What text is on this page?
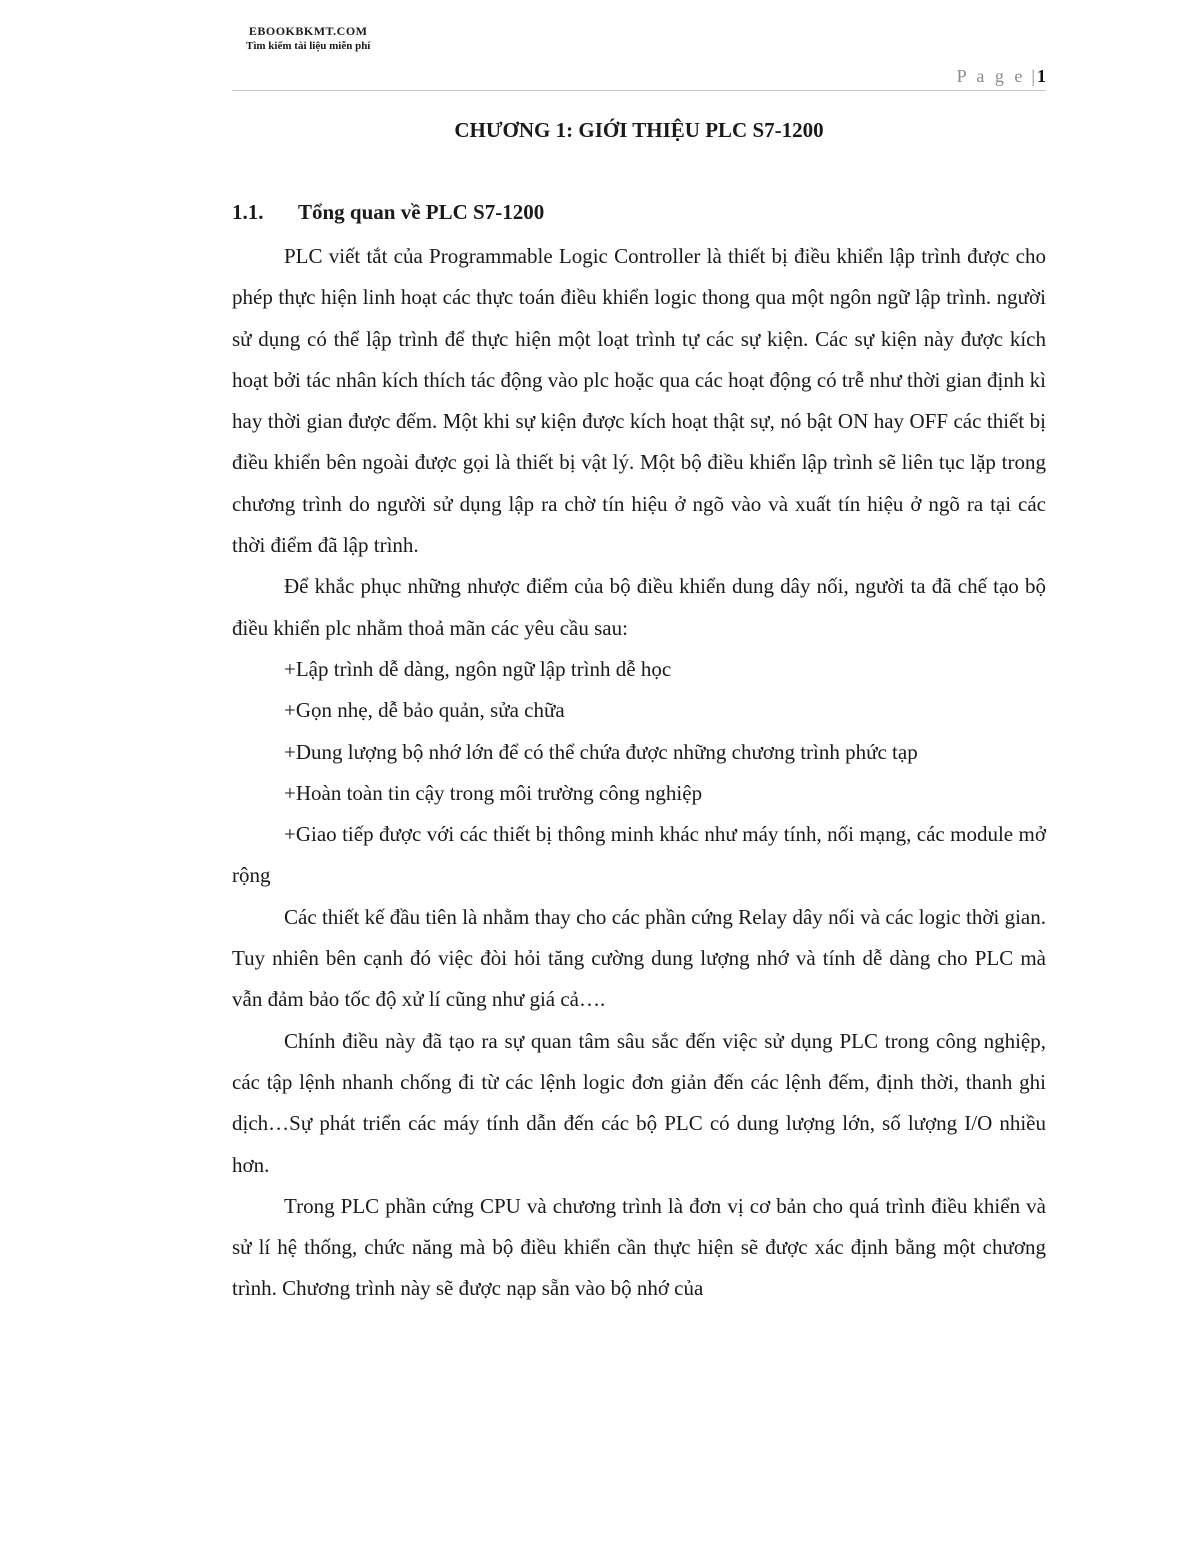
EBOOKBKMT.COM
Tìm kiếm tài liệu miễn phí
P a g e | 1
CHƯƠNG 1: GIỚI THIỆU PLC S7-1200
1.1. Tổng quan về PLC S7-1200

PLC viết tắt của Programmable Logic Controller là thiết bị điều khiển lập trình được cho phép thực hiện linh hoạt các thực toán điều khiển logic thong qua một ngôn ngữ lập trình. người sử dụng có thể lập trình để thực hiện một loạt trình tự các sự kiện. Các sự kiện này được kích hoạt bởi tác nhân kích thích tác động vào plc hoặc qua các hoạt động có trễ như thời gian định kì hay thời gian được đếm. Một khi sự kiện được kích hoạt thật sự, nó bật ON hay OFF các thiết bị điều khiển bên ngoài được gọi là thiết bị vật lý. Một bộ điều khiển lập trình sẽ liên tục lặp trong chương trình do người sử dụng lập ra chờ tín hiệu ở ngõ vào và xuất tín hiệu ở ngõ ra tại các thời điểm đã lập trình.

Để khắc phục những nhược điểm của bộ điều khiển dung dây nối, người ta đã chế tạo bộ điều khiển plc nhằm thoả mãn các yêu cầu sau:

+Lập trình dễ dàng, ngôn ngữ lập trình dễ học

+Gọn nhẹ, dễ bảo quản, sửa chữa

+Dung lượng bộ nhớ lớn để có thể chứa được những chương trình phức tạp

+Hoàn toàn tin cậy trong môi trường công nghiệp

+Giao tiếp được với các thiết bị thông minh khác như máy tính, nối mạng, các module mở rộng

Các thiết kế đầu tiên là nhằm thay cho các phần cứng Relay dây nối và các logic thời gian. Tuy nhiên bên cạnh đó việc đòi hỏi tăng cường dung lượng nhớ và tính dễ dàng cho PLC mà vẫn đảm bảo tốc độ xử lí cũng như giá cả….

Chính điều này đã tạo ra sự quan tâm sâu sắc đến việc sử dụng PLC trong công nghiệp, các tập lệnh nhanh chống đi từ các lệnh logic đơn giản đến các lệnh đếm, định thời, thanh ghi dịch…Sự phát triển các máy tính dẫn đến các bộ PLC có dung lượng lớn, số lượng I/O nhiều hơn.

Trong PLC phần cứng CPU và chương trình là đơn vị cơ bản cho quá trình điều khiển và sử lí hệ thống, chức năng mà bộ điều khiển cần thực hiện sẽ được xác định bằng một chương trình. Chương trình này sẽ được nạp sẵn vào bộ nhớ của
